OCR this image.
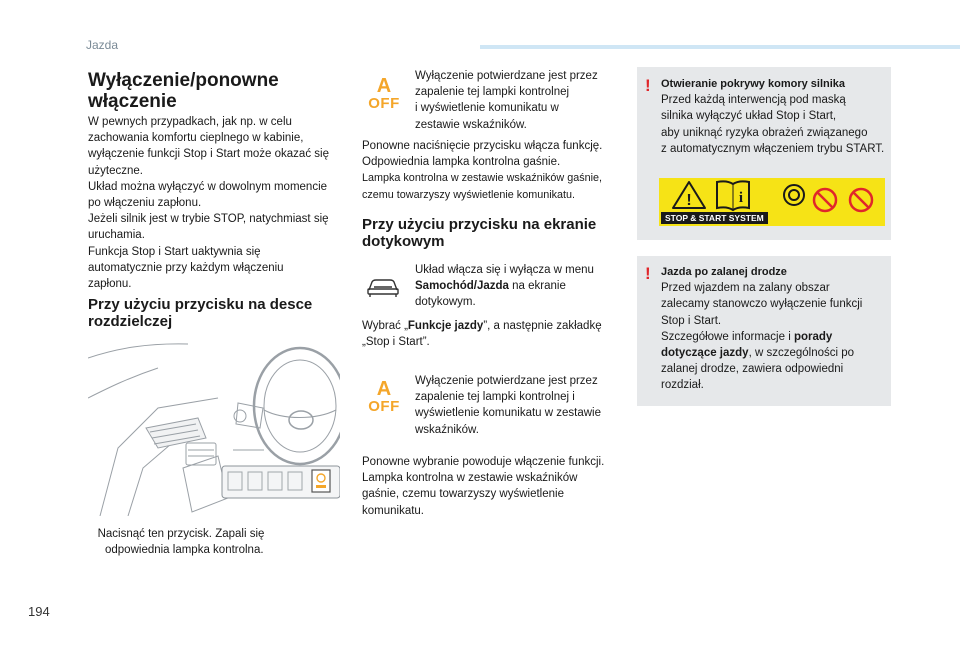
Jazda
Wyłączenie/ponowne
włączenie
W pewnych przypadkach, jak np. w celu
zachowania komfortu cieplnego w kabinie,
wyłączenie funkcji Stop i Start może okazać się
użyteczne.
Układ można wyłączyć w dowolnym momencie
po włączeniu zapłonu.
Jeżeli silnik jest w trybie STOP, natychmiast się
uruchamia.
Funkcja Stop i Start uaktywnia się
automatycznie przy każdym włączeniu
zapłonu.
Przy użyciu przycisku na desce
rozdzielczej
Nacisnąć ten przycisk. Zapali się
odpowiednia lampka kontrolna.
A
OFF
Wyłączenie potwierdzane jest przez
zapalenie tej lampki kontrolnej
i wyświetlenie komunikatu w
zestawie wskaźników.
Ponowne naciśnięcie przycisku włącza funkcję.
Odpowiednia lampka kontrolna gaśnie.
Lampka kontrolna w zestawie wskaźników gaśnie,
czemu towarzyszy wyświetlenie komunikatu.
Przy użyciu przycisku na ekranie
dotykowym
Układ włącza się i wyłącza w menu
Samochód/Jazda na ekranie
dotykowym.
Wybrać „Funkcje jazdy”, a następnie zakładkę
„Stop i Start”.
A
OFF
Wyłączenie potwierdzane jest przez
zapalenie tej lampki kontrolnej i
wyświetlenie komunikatu w zestawie
wskaźników.
Ponowne wybranie powoduje włączenie funkcji.
Lampka kontrolna w zestawie wskaźników
gaśnie, czemu towarzyszy wyświetlenie
komunikatu.
! Otwieranie pokrywy komory silnika
Przed każdą interwencją pod maską
silnika wyłączyć układ Stop i Start,
aby uniknąć ryzyka obrażeń związanego
z automatycznym włączeniem trybu START.
!	i
STOP & START SYSTEM
! Jazda po zalanej drodze
Przed wjazdem na zalany obszar
zalecamy stanowczo wyłączenie funkcji
Stop i Start.
Szczegółowe informacje i porady
dotyczące jazdy, w szczególności po
zalanej drodze, zawiera odpowiedni
rozdział.
194
